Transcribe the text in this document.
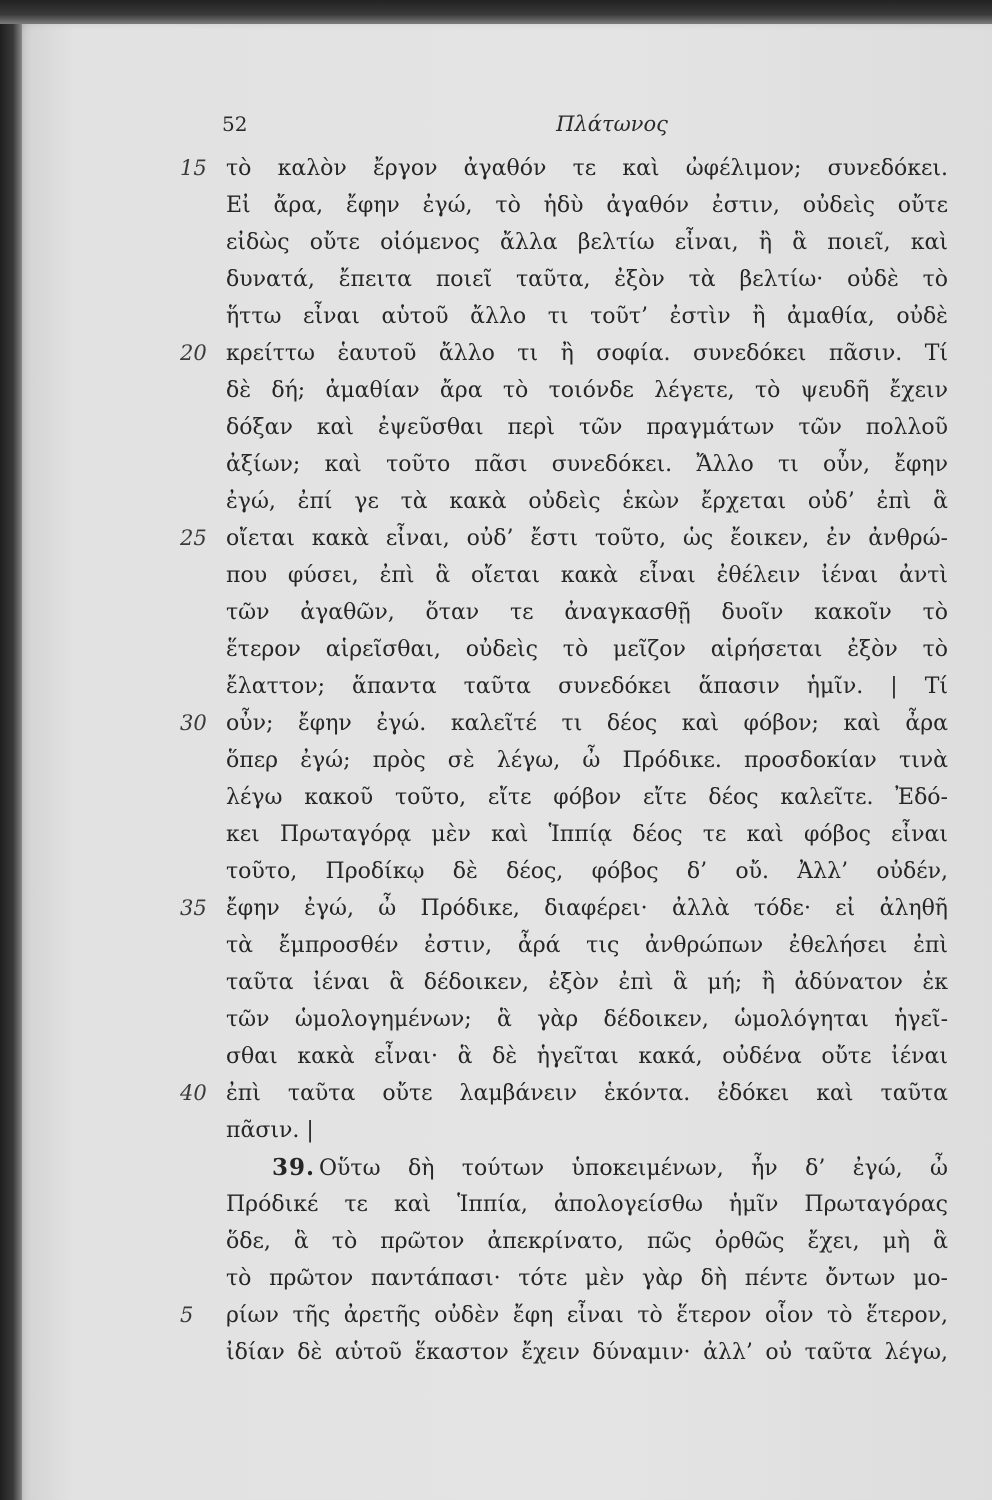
52	Πλάτωνος
15 τὸ καλὸν ἔργον ἀγαθόν τε καὶ ὠφέλιμον; συνεδόκει.
Εἰ ἄρα, ἔφην ἐγώ, τὸ ἡδὺ ἀγαθόν ἐστιν, οὐδεὶς οὔτε
εἰδὼς οὔτε οἰόμενος ἄλλα βελτίω εἶναι, ἢ ἃ ποιεῖ, καὶ
δυνατά, ἔπειτα ποιεῖ ταῦτα, ἐξὸν τὰ βελτίω· οὐδὲ τὸ
ἥττω εἶναι αὑτοῦ ἄλλο τι τοῦτ’ ἐστὶν ἢ ἀμαθία, οὐδὲ
20 κρείττω ἑαυτοῦ ἄλλο τι ἢ σοφία. συνεδόκει πᾶσιν. Τί
δὲ δή; ἀμαθίαν ἄρα τὸ τοιόνδε λέγετε, τὸ ψευδῆ ἔχειν
δόξαν καὶ ἐψεῦσθαι περὶ τῶν πραγμάτων τῶν πολλοῦ
ἀξίων; καὶ τοῦτο πᾶσι συνεδόκει. Ἄλλο τι οὖν, ἔφην
ἐγώ, ἐπί γε τὰ κακὰ οὐδεὶς ἑκὼν ἔρχεται οὐδ’ ἐπὶ ἃ
25 οἴεται κακὰ εἶναι, οὐδ’ ἔστι τοῦτο, ὡς ἔοικεν, ἐν ἀνθρώ-
που φύσει, ἐπὶ ἃ οἴεται κακὰ εἶναι ἐθέλειν ἰέναι ἀντὶ
τῶν ἀγαθῶν, ὅταν τε ἀναγκασθῇ δυοῖν κακοῖν τὸ
ἕτερον αἱρεῖσθαι, οὐδεὶς τὸ μεῖζον αἱρήσεται ἐξὸν τὸ
ἔλαττον; ἅπαντα ταῦτα συνεδόκει ἅπασιν ἡμῖν. | Τί
30 οὖν; ἔφην ἐγώ. καλεῖτέ τι δέος καὶ φόβον; καὶ ἆρα
ὅπερ ἐγώ; πρὸς σὲ λέγω, ὦ Πρόδικε. προσδοκίαν τινὰ
λέγω κακοῦ τοῦτο, εἴτε φόβον εἴτε δέος καλεῖτε. Ἐδό-
κει Πρωταγόρᾳ μὲν καὶ Ἱππίᾳ δέος τε καὶ φόβος εἶναι
τοῦτο, Προδίκῳ δὲ δέος, φόβος δ’ οὔ. Ἀλλ’ οὐδέν,
35 ἔφην ἐγώ, ὦ Πρόδικε, διαφέρει· ἀλλὰ τόδε· εἰ ἀληθῆ
τὰ ἔμπροσθέν ἐστιν, ἆρά τις ἀνθρώπων ἐθελήσει ἐπὶ
ταῦτα ἰέναι ἃ δέδοικεν, ἐξὸν ἐπὶ ἃ μή; ἢ ἀδύνατον ἐκ
τῶν ὡμολογημένων; ἃ γὰρ δέδοικεν, ὡμολόγηται ἡγεῖ-
σθαι κακὰ εἶναι· ἃ δὲ ἡγεῖται κακά, οὐδένα οὔτε ἰέναι
40 ἐπὶ ταῦτα οὔτε λαμβάνειν ἑκόντα. ἐδόκει καὶ ταῦτα
πᾶσιν. |
39. Οὕτω δὴ τούτων ὑποκειμένων, ἦν δ’ ἐγώ, ὦ
Πρόδικέ τε καὶ Ἱππία, ἀπολογείσθω ἡμῖν Πρωταγόρας
ὅδε, ἃ τὸ πρῶτον ἀπεκρίνατο, πῶς ὀρθῶς ἔχει, μὴ ἃ
τὸ πρῶτον παντάπασι· τότε μὲν γὰρ δὴ πέντε ὄντων μο-
5	ρίων τῆς ἀρετῆς οὐδὲν ἔφη εἶναι τὸ ἕτερον οἷον τὸ ἕτερον,
ἰδίαν δὲ αὑτοῦ ἕκαστον ἔχειν δύναμιν· ἀλλ’ οὐ ταῦτα λέγω,
